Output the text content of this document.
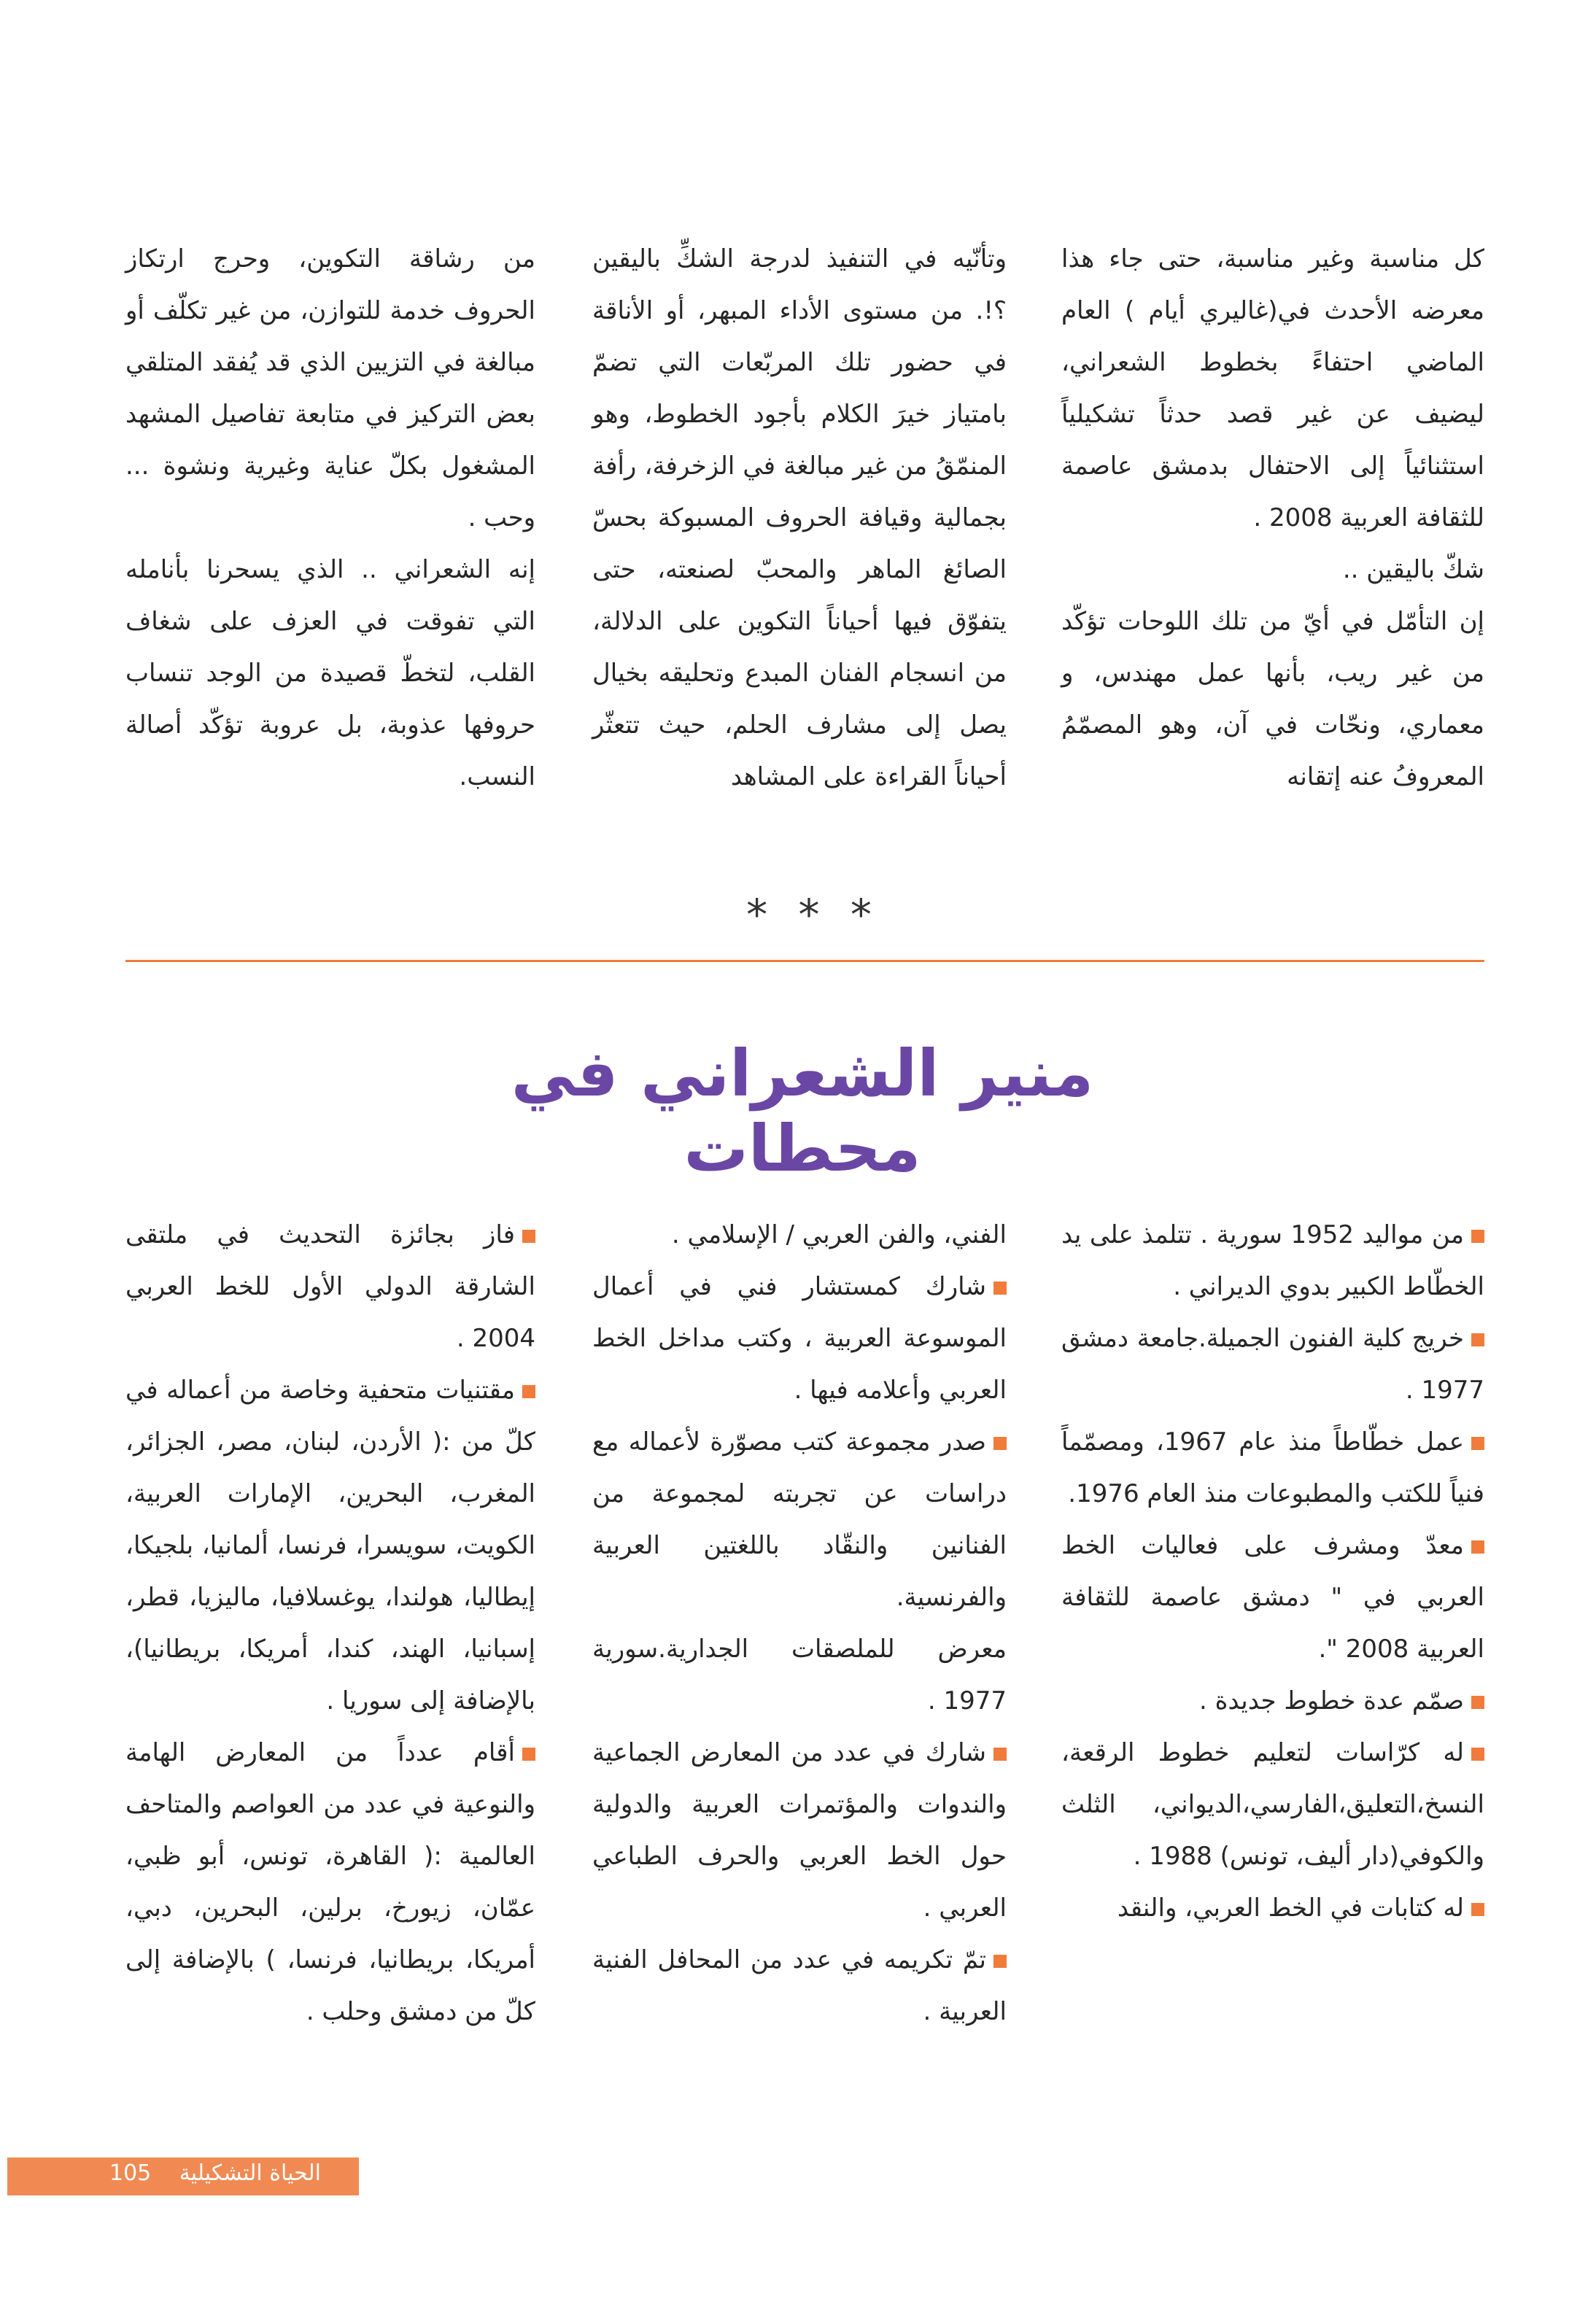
كل مناسبة وغير مناسبة، حتى جاء هذا معرضه الأحدث في(غاليري أيام ) العام الماضي احتفاءً بخطوط الشعراني، ليضيف عن غير قصد حدثاً تشكيلياً استثنائياً إلى الاحتفال بدمشق عاصمة للثقافة العربية 2008 .

شكّ باليقين ..

إن التأمّل في أيّ من تلك اللوحات تؤكّد من غير ريب، بأنها عمل مهندس، و معماري، ونحّات في آن، وهو المصمّمُ المعروفُ عنه إتقانه

وتأنّيه في التنفيذ لدرجة الشكِّ باليقين ؟!. من مستوى الأداء المبهر، أو الأناقة في حضور تلك المربّعات التي تضمّ بامتياز خيرَ الكلام بأجود الخطوط، وهو المنمّقُ من غير مبالغة في الزخرفة، رأفة بجمالية وقيافة الحروف المسبوكة بحسّ الصائغ الماهر والمحبّ لصنعته، حتى يتفوّق فيها أحياناً التكوين على الدلالة، من انسجام الفنان المبدع وتحليقه بخيال يصل إلى مشارف الحلم، حيث تتعثّر أحياناً القراءة على المشاهد

من رشاقة التكوين، وحرج ارتكاز الحروف خدمة للتوازن، من غير تكلّف أو مبالغة في التزيين الذي قد يُفقد المتلقي بعض التركيز في متابعة تفاصيل المشهد المشغول بكلّ عناية وغيرية ونشوة ... وحب .

إنه الشعراني .. الذي يسحرنا بأنامله التي تفوقت في العزف على شغاف القلب، لتخطّ قصيدة من الوجد تنساب حروفها عذوبة، بل عروبة تؤكّد أصالة النسب.

* * *
منير الشعراني في محطات

من مواليد 1952 سورية . تتلمذ على يد الخطّاط الكبير بدوي الديراني .

خريج كلية الفنون الجميلة.جامعة دمشق 1977 .

عمل خطّاطاً منذ عام 1967، ومصمّماً فنياً للكتب والمطبوعات منذ العام 1976.

معدّ ومشرف على فعاليات الخط العربي في " دمشق عاصمة للثقافة العربية 2008 ".

صمّم عدة خطوط جديدة .

له كرّاسات لتعليم خطوط الرقعة، النسخ،التعليق،الفارسي،الديواني، الثلث والكوفي(دار أليف، تونس) 1988 .

له كتابات في الخط العربي، والنقد

الفني، والفن العربي / الإسلامي .

شارك كمستشار فني في أعمال الموسوعة العربية ، وكتب مداخل الخط العربي وأعلامه فيها .

صدر مجموعة كتب مصوّرة لأعماله مع دراسات عن تجربته لمجموعة من الفنانين والنقّاد باللغتين العربية والفرنسية.

معرض للملصقات الجدارية.سورية 1977 .

شارك في عدد من المعارض الجماعية والندوات والمؤتمرات العربية والدولية حول الخط العربي والحرف الطباعي العربي .

تمّ تكريمه في عدد من المحافل الفنية العربية .

فاز بجائزة التحديث في ملتقى الشارقة الدولي الأول للخط العربي 2004 .

مقتنيات متحفية وخاصة من أعماله في كلّ من :( الأردن، لبنان، مصر، الجزائر، المغرب، البحرين، الإمارات العربية، الكويت، سويسرا، فرنسا، ألمانيا، بلجيكا، إيطاليا، هولندا، يوغسلافيا، ماليزيا، قطر، إسبانيا، الهند، كندا، أمريكا، بريطانيا)، بالإضافة إلى سوريا .

أقام عدداً من المعارض الهامة والنوعية في عدد من العواصم والمتاحف العالمية :( القاهرة، تونس، أبو ظبي، عمّان، زيورخ، برلين، البحرين، دبي، أمريكا، بريطانيا، فرنسا، ) بالإضافة إلى كلّ من دمشق وحلب .

الحياة التشكيلية
105
